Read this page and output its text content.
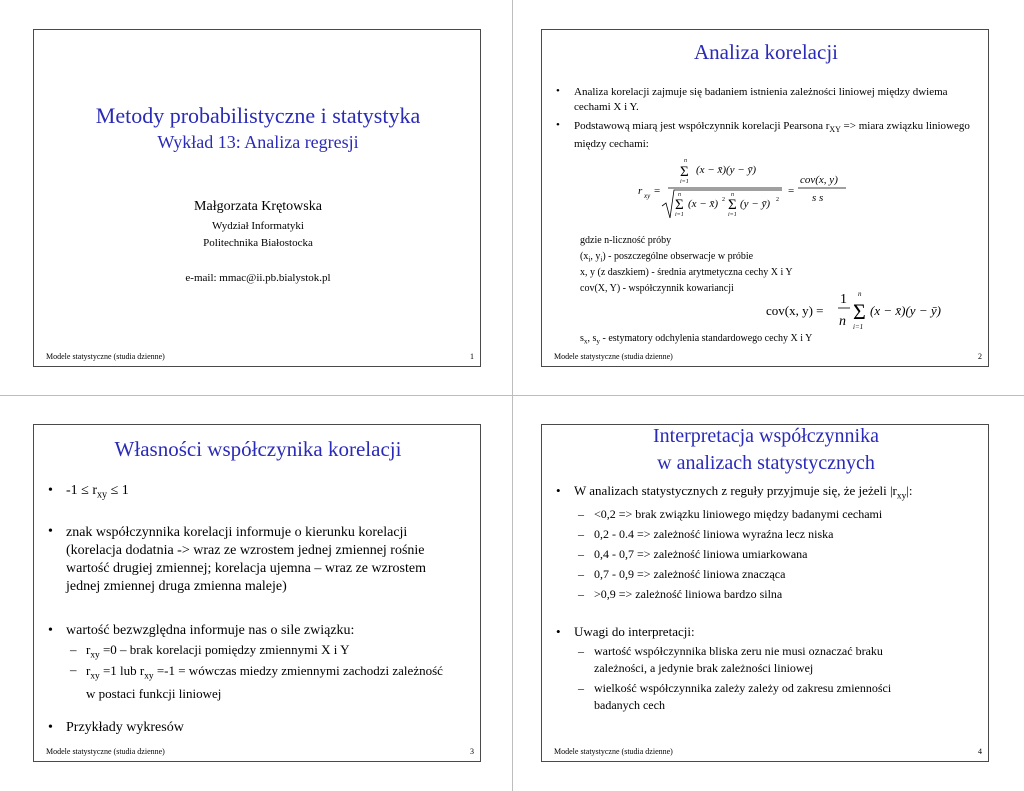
Metody probabilistyczne i statystyka
Wykład 13: Analiza regresji
Małgorzata Krętowska
Wydział Informatyki
Politechnika Białostocka
e-mail: mmac@ii.pb.bialystok.pl
Modele statystyczne (studia dzienne)	1
Analiza korelacji
• Analiza korelacji zajmuje się badaniem istnienia zależności liniowej między dwiema cechami X i Y.
• Podstawową miarą jest współczynnik korelacji Pearsona $r_{XY}$ => miara związku liniowego między cechami:
r xy =
n
Σ
i=1
(x − x̄)(y − ȳ)
n
Σ
i=1
(x − x̄) 2
n
Σ
i=1
(y − ȳ) 2
=
cov(x, y)
s s
gdzie n-liczność próby
($x_i$, $y_i$) - poszczególne obserwacje w próbie
x, y (z daszkiem) - średnia arytmetyczna cechy X i Y
cov(X, Y) - współczynnik kowariancji
cov(x, y) =
1
n
n
Σ
i=1
(x − x̄)(y − ȳ)
$s_x$, $s_y$ - estymatory odchylenia standardowego cechy X i Y
Modele statystyczne (studia dzienne)	2
Własności współczynika korelacji
• $-1 \le r_{xy} \le 1$
• znak współczynnika korelacji informuje o kierunku korelacji
(korelacja dodatnia -> wraz ze wzrostem jednej zmiennej rośnie
wartość drugiej zmiennej; korelacja ujemna – wraz ze wzrostem
jednej zmiennej druga zmienna maleje)
• wartość bezwzględna informuje nas o sile związku:
– $r_{xy} =0$ – brak korelacji pomiędzy zmiennymi X i Y
– $r_{xy} =1$ lub $r_{xy} =-1$ = wówczas miedzy zmiennymi zachodzi zależność
w postaci funkcji liniowej
• Przykłady wykresów
Modele statystyczne (studia dzienne)	3
Interpretacja współczynnika
w analizach statystycznych
• W analizach statystycznych z reguły przyjmuje się, że jeżeli $|r_{xy}|$:
– <0,2 => brak związku liniowego między badanymi cechami
– 0,2 - 0.4 => zależność liniowa wyraźna lecz niska
– 0,4 - 0,7 => zależność liniowa umiarkowana
– 0,7 - 0,9 => zależność liniowa znacząca
– >0,9 => zależność liniowa bardzo silna
• Uwagi do interpretacji:
– wartość współczynnika bliska zeru nie musi oznaczać braku
zależności, a jedynie brak zależności liniowej
– wielkość współczynnika zależy zależy od zakresu zmienności
badanych cech
Modele statystyczne (studia dzienne)	4
